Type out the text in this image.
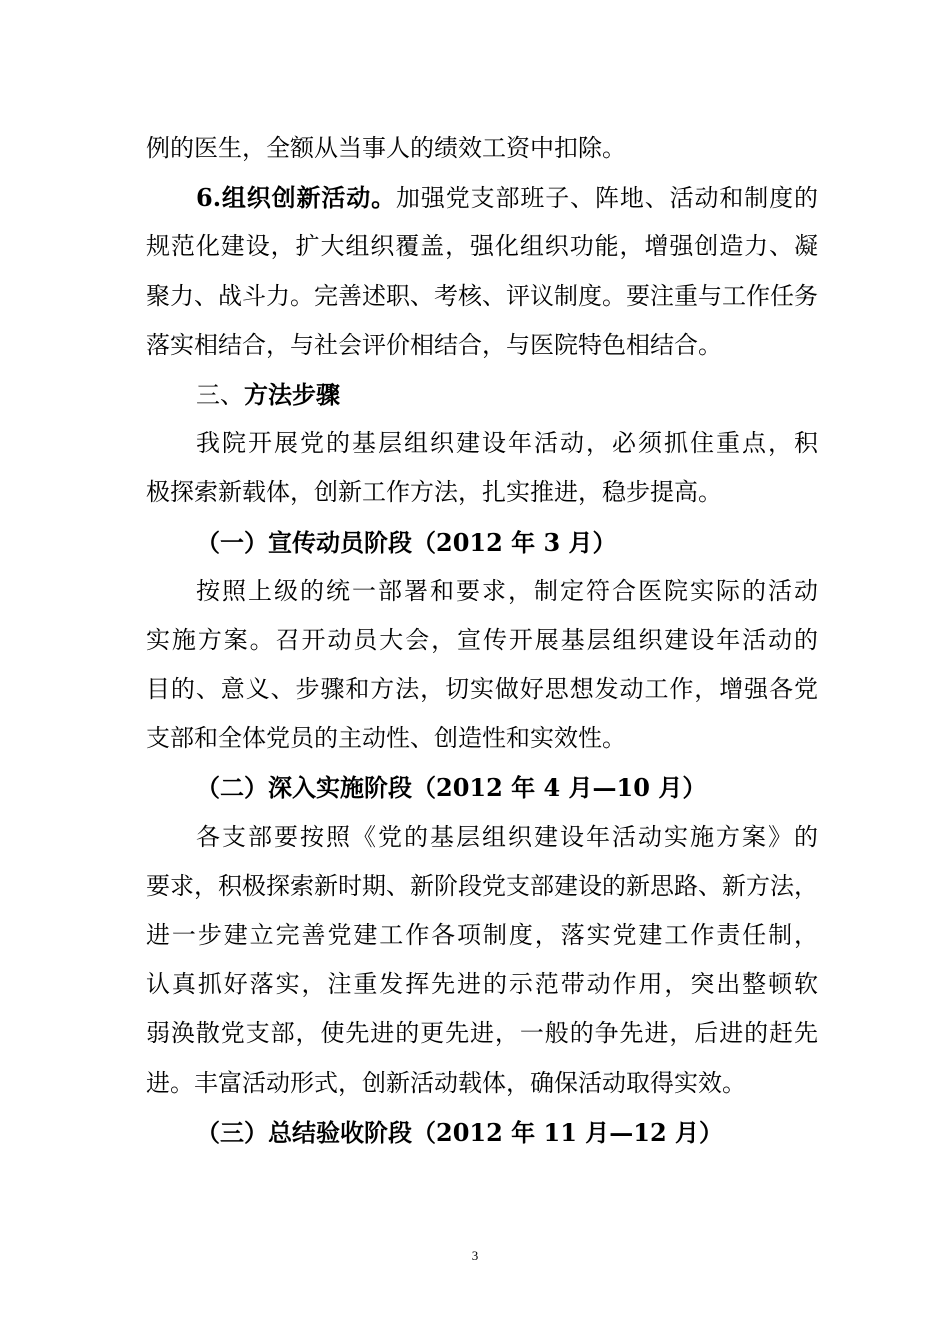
例的医生，全额从当事人的绩效工资中扣除。
6.组织创新活动。加强党支部班子、阵地、活动和制度的
规范化建设，扩大组织覆盖，强化组织功能，增强创造力、凝
聚力、战斗力。完善述职、考核、评议制度。要注重与工作任务
落实相结合，与社会评价相结合，与医院特色相结合。
三、方法步骤
我院开展党的基层组织建设年活动，必须抓住重点，积
极探索新载体，创新工作方法，扎实推进，稳步提高。
（一）宣传动员阶段（2012 年 3 月）
按照上级的统一部署和要求，制定符合医院实际的活动
实施方案。召开动员大会，宣传开展基层组织建设年活动的
目的、意义、步骤和方法，切实做好思想发动工作，增强各党
支部和全体党员的主动性、创造性和实效性。
（二）深入实施阶段（2012 年 4 月—10 月）
各支部要按照《党的基层组织建设年活动实施方案》的
要求，积极探索新时期、新阶段党支部建设的新思路、新方法，
进一步建立完善党建工作各项制度，落实党建工作责任制，
认真抓好落实，注重发挥先进的示范带动作用，突出整顿软
弱涣散党支部，使先进的更先进，一般的争先进，后进的赶先
进。丰富活动形式，创新活动载体，确保活动取得实效。
（三）总结验收阶段（2012 年 11 月—12 月）
3
